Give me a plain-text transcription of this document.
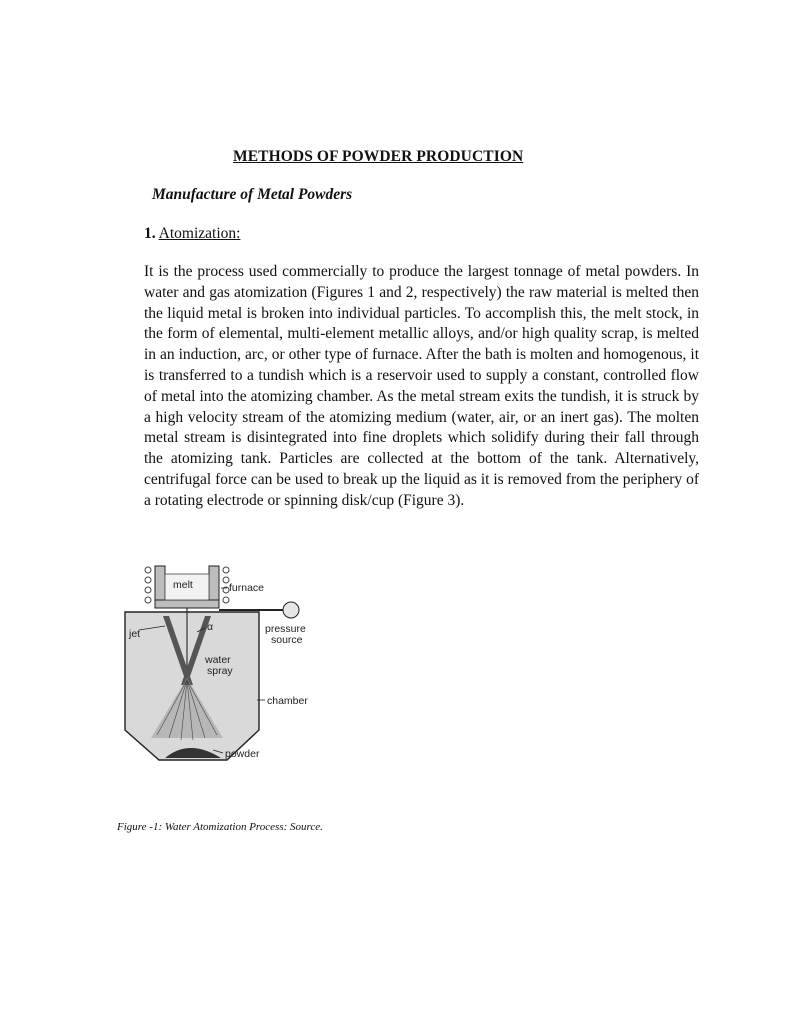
METHODS OF POWDER PRODUCTION
Manufacture of Metal Powders
1. Atomization:
It is the process used commercially to produce the largest tonnage of metal powders. In water and gas atomization (Figures 1 and 2, respectively) the raw material is melted then the liquid metal is broken into individual particles. To accomplish this, the melt stock, in the form of elemental, multi-element metallic alloys, and/or high quality scrap, is melted in an induction, arc, or other type of furnace. After the bath is molten and homogenous, it is transferred to a tundish which is a reservoir used to supply a constant, controlled flow of metal into the atomizing chamber. As the metal stream exits the tundish, it is struck by a high velocity stream of the atomizing medium (water, air, or an inert gas). The molten metal stream is disintegrated into fine droplets which solidify during their fall through the atomizing tank. Particles are collected at the bottom of the tank. Alternatively, centrifugal force can be used to break up the liquid as it is removed from the periphery of a rotating electrode or spinning disk/cup (Figure 3).
melt	furnace
jet	pressure
source
α
water
spray
chamber
powder
Figure -1: Water Atomization Process: Source.
